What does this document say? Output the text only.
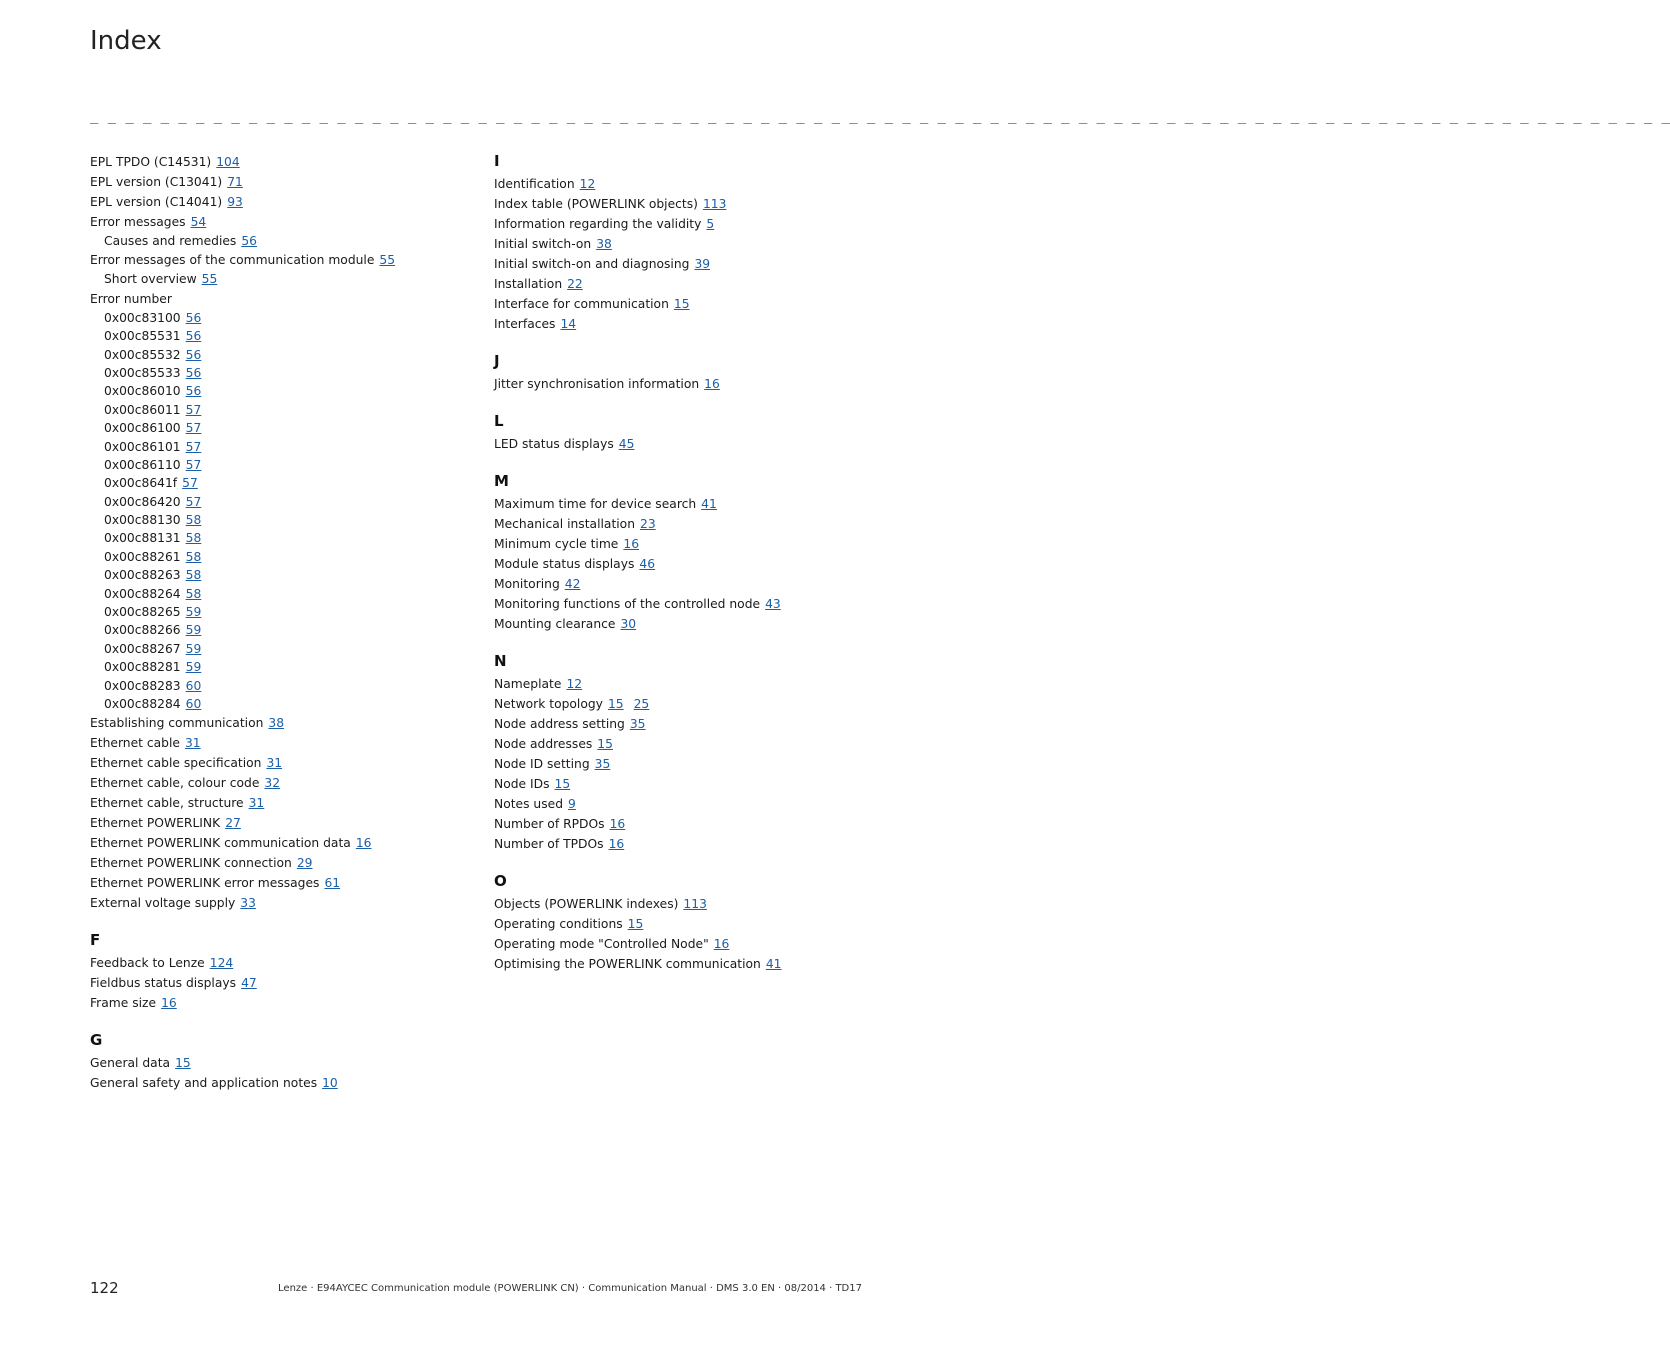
Index
_ _ _ _ _ _ _ _ _ _ _ _ _ _ _ _ _ _ _ _ _ _ _ _ _ _ _ _ _ _ _ _ _ _ _ _ _ _ _ _ _ _ _ _ _ _ _ _ _ _ _ _ _ _ _ _ _ _ _ _ _ _ _ _ _ _ _ _ _ _ _ _ _ _ _ _ _ _ _ _ _ _ _ _ _ _ _ _ _ _
EPL TPDO (C14531) 104
EPL version (C13041) 71
EPL version (C14041) 93
Error messages 54
Causes and remedies 56
Error messages of the communication module 55
Short overview 55
Error number
0x00c83100 56
0x00c85531 56
0x00c85532 56
0x00c85533 56
0x00c86010 56
0x00c86011 57
0x00c86100 57
0x00c86101 57
0x00c86110 57
0x00c8641f 57
0x00c86420 57
0x00c88130 58
0x00c88131 58
0x00c88261 58
0x00c88263 58
0x00c88264 58
0x00c88265 59
0x00c88266 59
0x00c88267 59
0x00c88281 59
0x00c88283 60
0x00c88284 60
Establishing communication 38
Ethernet cable 31
Ethernet cable specification 31
Ethernet cable, colour code 32
Ethernet cable, structure 31
Ethernet POWERLINK 27
Ethernet POWERLINK communication data 16
Ethernet POWERLINK connection 29
Ethernet POWERLINK error messages 61
External voltage supply 33
F
Feedback to Lenze 124
Fieldbus status displays 47
Frame size 16
G
General data 15
General safety and application notes 10
I
Identification 12
Index table (POWERLINK objects) 113
Information regarding the validity 5
Initial switch-on 38
Initial switch-on and diagnosing 39
Installation 22
Interface for communication 15
Interfaces 14
J
Jitter synchronisation information 16
L
LED status displays 45
M
Maximum time for device search 41
Mechanical installation 23
Minimum cycle time 16
Module status displays 46
Monitoring 42
Monitoring functions of the controlled node 43
Mounting clearance 30
N
Nameplate 12
Network topology 15 25
Node address setting 35
Node addresses 15
Node ID setting 35
Node IDs 15
Notes used 9
Number of RPDOs 16
Number of TPDOs 16
O
Objects (POWERLINK indexes) 113
Operating conditions 15
Operating mode "Controlled Node" 16
Optimising the POWERLINK communication 41
122	Lenze · E94AYCEC Communication module (POWERLINK CN) · Communication Manual · DMS 3.0 EN · 08/2014 · TD17
